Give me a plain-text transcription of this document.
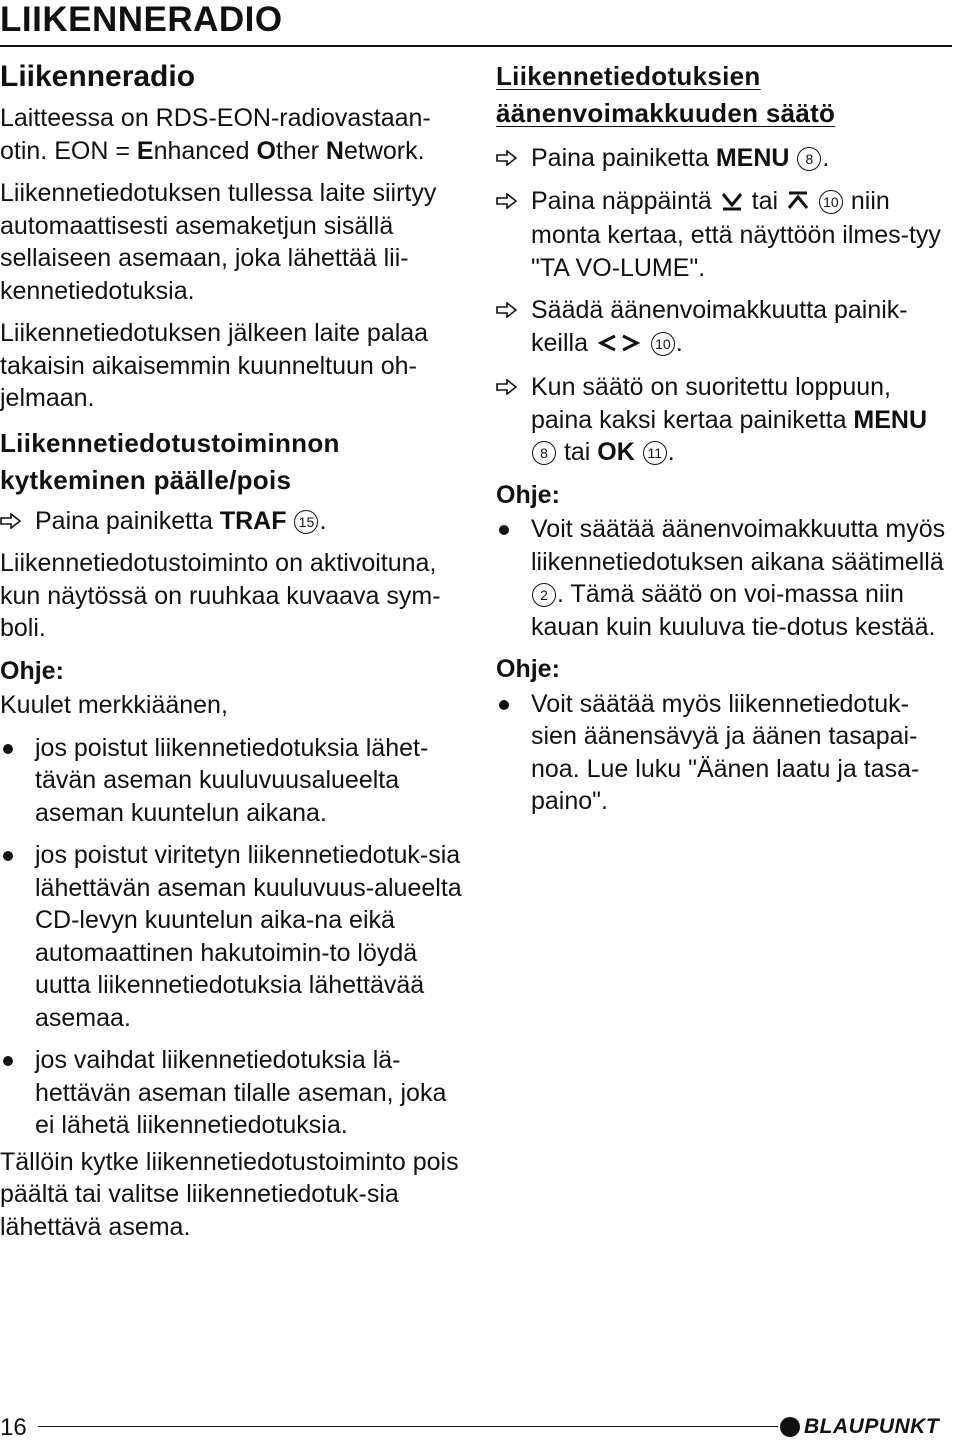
LIIKENNERADIO

Liikenneradio

Laitteessa on RDS-EON-radiovastaan-otin. EON = Enhanced Other Network.

Liikennetiedotuksen tullessa laite siirtyy automaattisesti asemaketjun sisällä sellaiseen asemaan, joka lähettää lii-kennetiedotuksia.

Liikennetiedotuksen jälkeen laite palaa takaisin aikaisemmin kuunneltuun oh-jelmaan.

Liikennetiedotustoiminnon kytkeminen päälle/pois

Paina painiketta TRAF 15 .

Liikennetiedotustoiminto on aktivoituna, kun näytössä on ruuhkaa kuvaava sym-boli.

Ohje:

Kuulet merkkiäänen,

jos poistut liikennetiedotuksia lähet-tävän aseman kuuluvuusalueelta aseman kuuntelun aikana.
jos poistut viritetyn liikennetiedotuk-sia lähettävän aseman kuuluvuus-alueelta CD-levyn kuuntelun aika-na eikä automaattinen hakutoimin-to löydä uutta liikennetiedotuksia lähettävää asemaa.
jos vaihdat liikennetiedotuksia lä-hettävän aseman tilalle aseman, joka ei lähetä liikennetiedotuksia.

Tällöin kytke liikennetiedotustoiminto pois päältä tai valitse liikennetiedotuk-sia lähettävä asema.

Liikennetiedotuksien äänenvoimakkuuden säätö

Paina painiketta MENU 8 .
Paina näppäintä  tai	10 niin monta kertaa, että näyttöön ilmes-tyy "TA VO-LUME".
Säädä äänenvoimakkuutta painik-keilla	10 .
Kun säätö on suoritettu loppuun, paina kaksi kertaa painiketta MENU 8 tai OK 11 .

Ohje:

Voit säätää äänenvoimakkuutta myös liikennetiedotuksen aikana säätimellä 2 . Tämä säätö on voi-massa niin kauan kuin kuuluva tie-dotus kestää.

Ohje:

Voit säätää myös liikennetiedotuk-sien äänensävyä ja äänen tasapai-noa. Lue luku "Äänen laatu ja tasa-paino".
16	BLAUPUNKT
